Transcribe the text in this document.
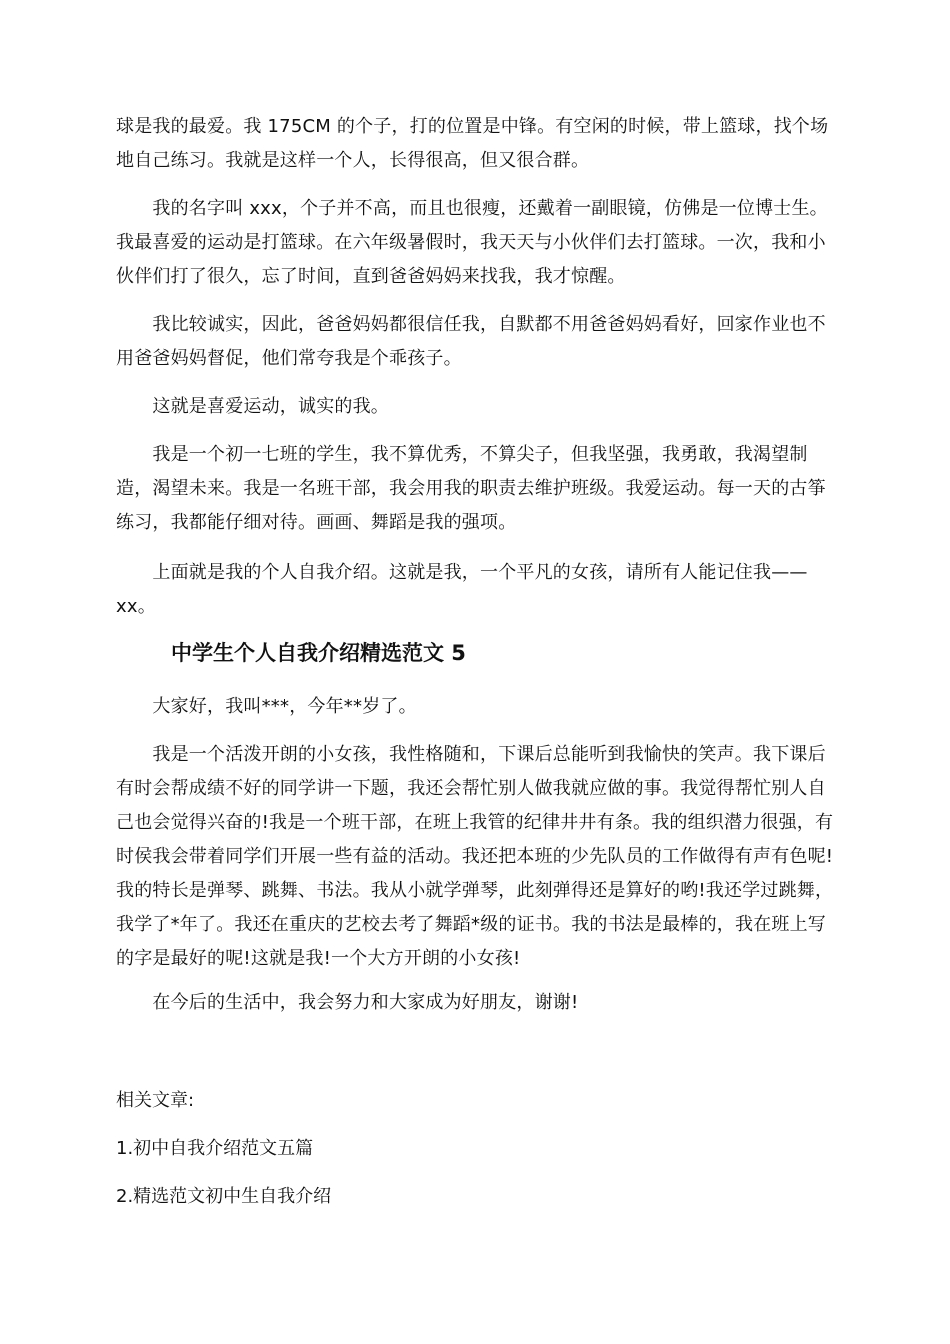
球是我的最爱。我 175CM 的个子，打的位置是中锋。有空闲的时候，带上篮球，找个场地自己练习。我就是这样一个人，长得很高，但又很合群。

　　我的名字叫 xxx，个子并不高，而且也很瘦，还戴着一副眼镜，仿佛是一位博士生。我最喜爱的运动是打篮球。在六年级暑假时，我天天与小伙伴们去打篮球。一次，我和小伙伴们打了很久，忘了时间，直到爸爸妈妈来找我，我才惊醒。

　　我比较诚实，因此，爸爸妈妈都很信任我，自默都不用爸爸妈妈看好，回家作业也不用爸爸妈妈督促，他们常夸我是个乖孩子。

　　这就是喜爱运动，诚实的我。

　　我是一个初一七班的学生，我不算优秀，不算尖子，但我坚强，我勇敢，我渴望制造，渴望未来。我是一名班干部，我会用我的职责去维护班级。我爱运动。每一天的古筝练习，我都能仔细对待。画画、舞蹈是我的强项。

　　上面就是我的个人自我介绍。这就是我，一个平凡的女孩，请所有人能记住我——xx。

中学生个人自我介绍精选范文 5

　　大家好，我叫***，今年**岁了。

　　我是一个活泼开朗的小女孩，我性格随和，下课后总能听到我愉快的笑声。我下课后有时会帮成绩不好的同学讲一下题，我还会帮忙别人做我就应做的事。我觉得帮忙别人自己也会觉得兴奋的!我是一个班干部，在班上我管的纪律井井有条。我的组织潜力很强，有时侯我会带着同学们开展一些有益的活动。我还把本班的少先队员的工作做得有声有色呢!我的特长是弹琴、跳舞、书法。我从小就学弹琴，此刻弹得还是算好的哟!我还学过跳舞，我学了*年了。我还在重庆的艺校去考了舞蹈*级的证书。我的书法是最棒的，我在班上写的字是最好的呢!这就是我!一个大方开朗的小女孩!

　　在今后的生活中，我会努力和大家成为好朋友，谢谢!

相关文章:

1.初中自我介绍范文五篇

2.精选范文初中生自我介绍
